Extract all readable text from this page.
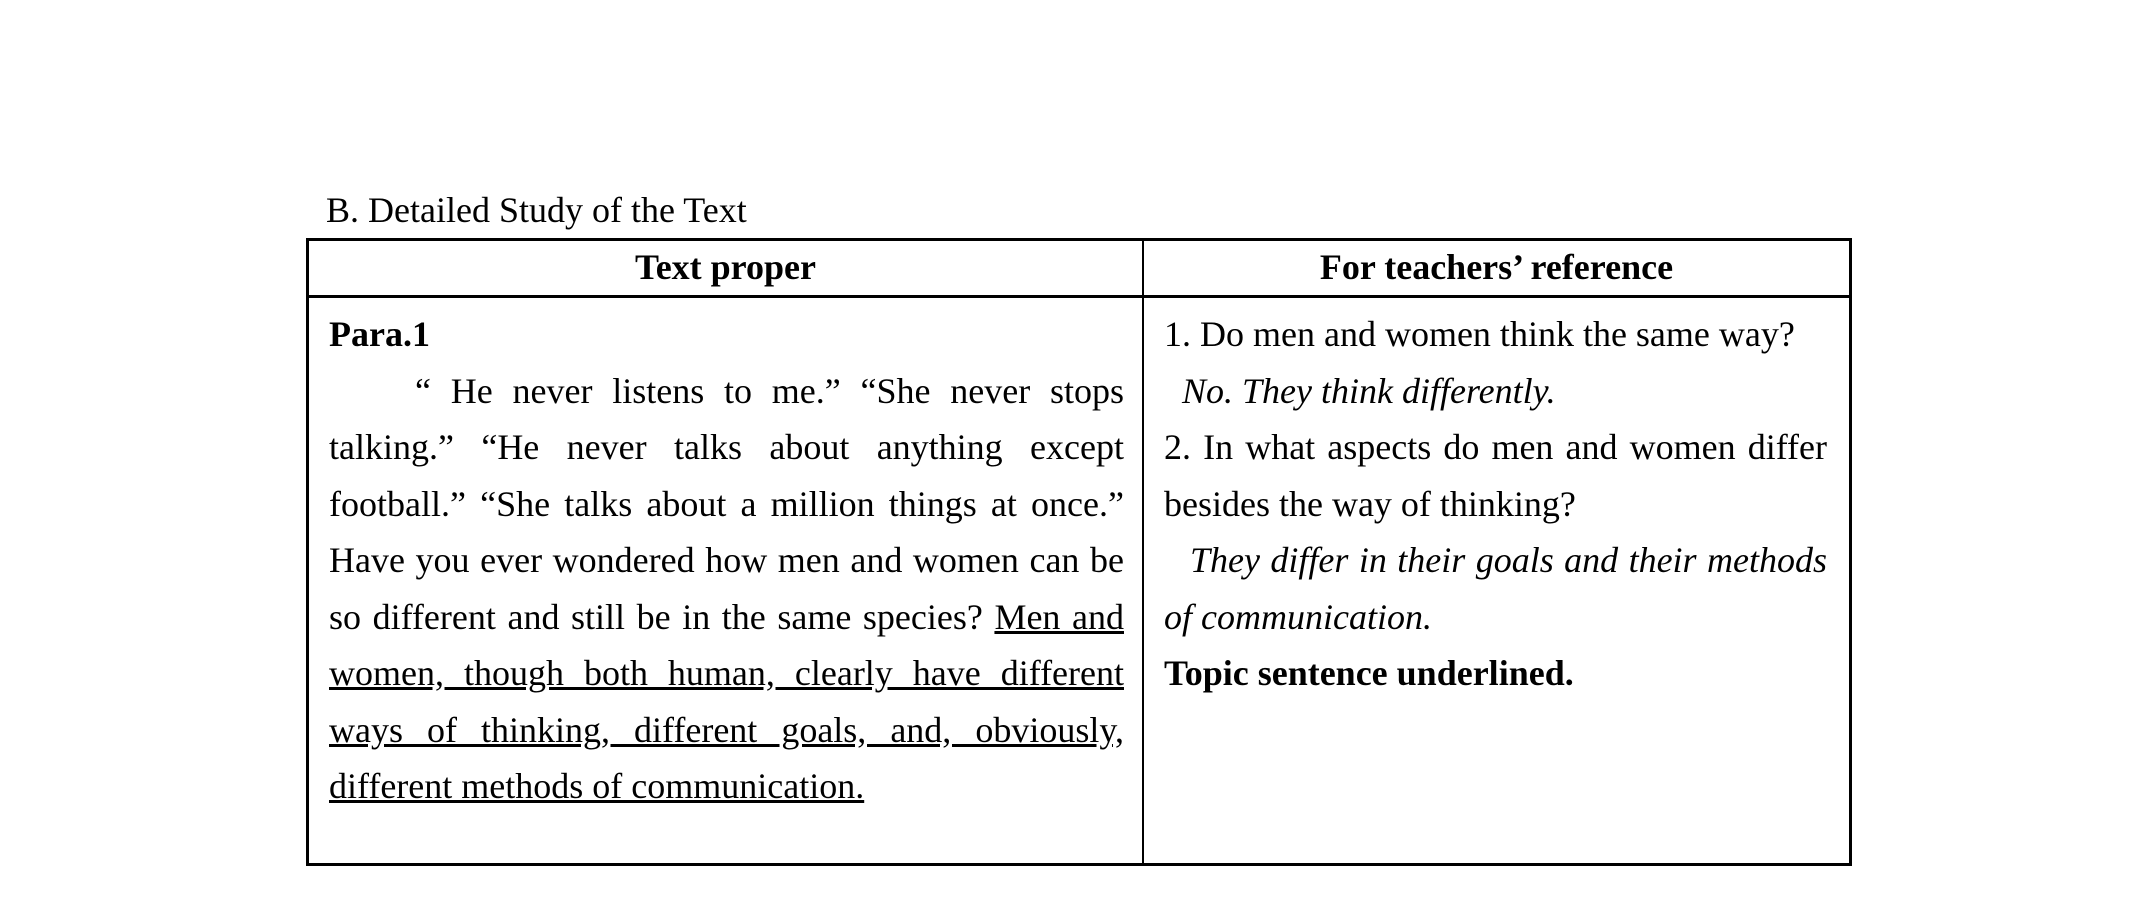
B. Detailed Study of the Text
Text proper	For teachers’ reference
Para.1
“ He never listens to me.” “She never stops talking.” “He never talks about anything except football.” “She talks about a million things at once.” Have you ever wondered how men and women can be so different and still be in the same species? Men and women, though both human, clearly have different ways of thinking, different goals, and, obviously, different methods of communication.
1. Do men and women think the same way?
No. They think differently.
2. In what aspects do men and women differ besides the way of thinking?
They differ in their goals and their methods of communication.
Topic sentence underlined.
